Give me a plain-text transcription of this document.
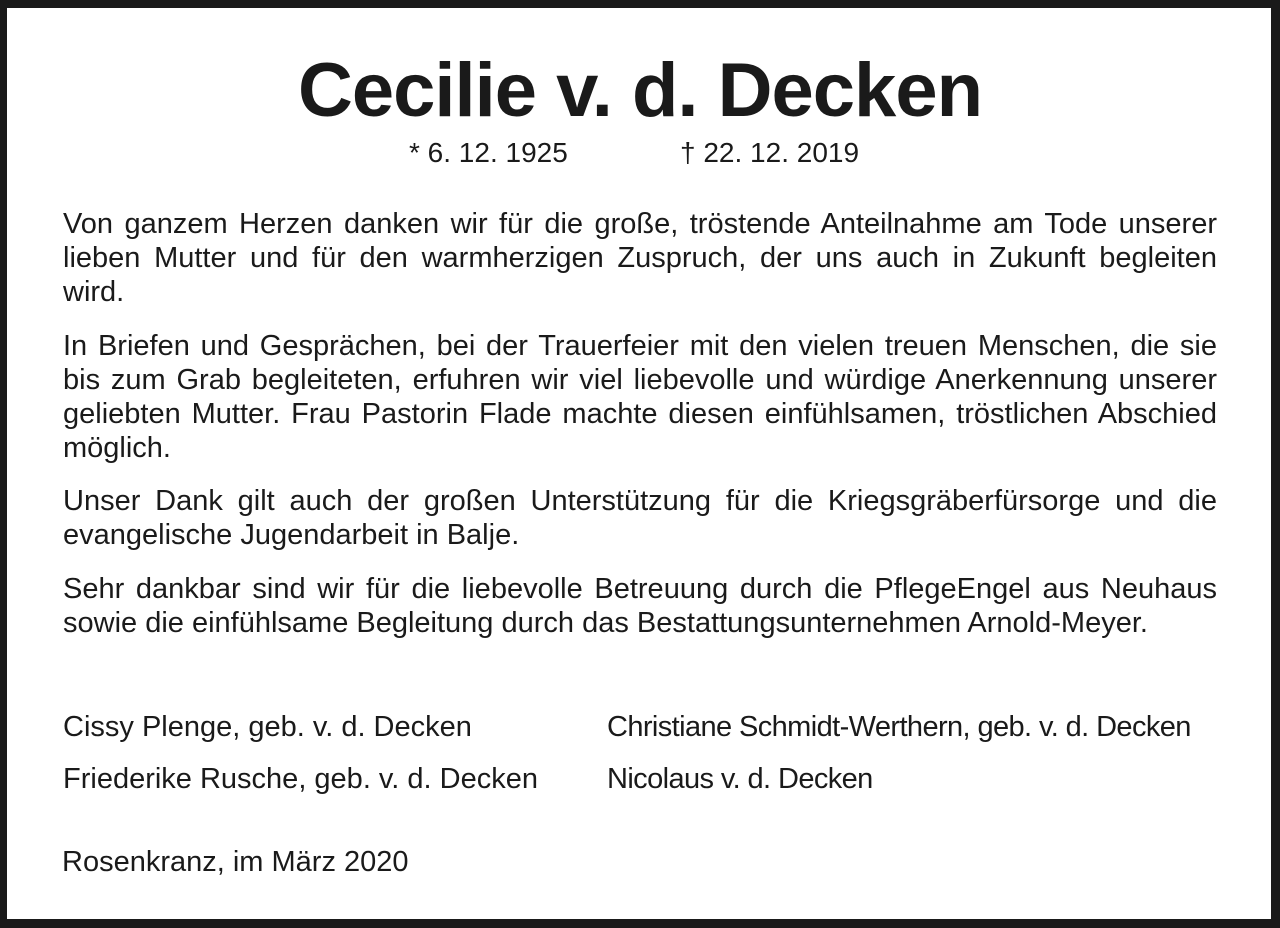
Cecilie v. d. Decken
* 6. 12. 1925	† 22. 12. 2019

Von ganzem Herzen danken wir für die große, tröstende Anteilnahme am Tode unserer lieben Mutter und für den warmherzigen Zuspruch, der uns auch in Zukunft begleiten wird.

In Briefen und Gesprächen, bei der Trauerfeier mit den vielen treuen Menschen, die sie bis zum Grab begleiteten, erfuhren wir viel liebevolle und würdige Anerkennung unserer geliebten Mutter. Frau Pastorin Flade machte diesen einfühlsamen, tröstlichen Abschied möglich.

Unser Dank gilt auch der großen Unterstützung für die Kriegsgräberfürsorge und die evangelische Jugendarbeit in Balje.

Sehr dankbar sind wir für die liebevolle Betreuung durch die PflegeEngel aus Neuhaus sowie die einfühlsame Begleitung durch das Bestattungsunternehmen Arnold-Meyer.

Cissy Plenge, geb. v. d. Decken	Christiane Schmidt-Werthern, geb. v. d. Decken
Friederike Rusche, geb. v. d. Decken Nicolaus v. d. Decken
Rosenkranz, im März 2020
